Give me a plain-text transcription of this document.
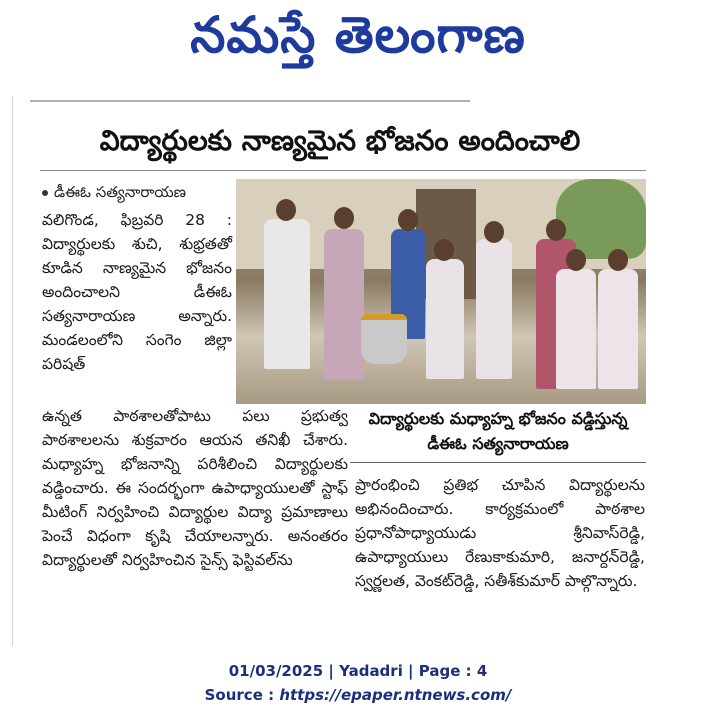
నమస్తే తెలంగాణ
విద్యార్థులకు నాణ్యమైన భోజనం అందించాలి
డీఈఓ సత్యనారాయణ
వలిగొండ, ఫిబ్రవరి 28 : విద్యార్థులకు శుచి, శుభ్రతతో కూడిన నాణ్యమైన భోజనం అందించాలని డీఈఓ సత్యనారాయణ అన్నారు. మండలంలోని సంగెం జిల్లా పరిషత్
ఉన్నత పాఠశాలతోపాటు పలు ప్రభుత్వ పాఠశాలలను శుక్రవారం ఆయన తనిఖీ చేశారు. మధ్యాహ్న భోజనాన్ని పరిశీలించి విద్యార్థులకు వడ్డించారు. ఈ సందర్భంగా ఉపాధ్యాయులతో స్టాఫ్ మీటింగ్ నిర్వహించి విద్యార్థుల విద్యా ప్రమాణాలు పెంచే విధంగా కృషి చేయాలన్నారు. అనంతరం విద్యార్థులతో నిర్వహించిన సైన్స్ ఫెస్టివల్‌ను
విద్యార్థులకు మధ్యాహ్న భోజనం వడ్డిస్తున్న
డీఈఓ సత్యనారాయణ
ప్రారంభించి ప్రతిభ చూపిన విద్యార్థులను అభినందించారు. కార్యక్రమంలో పాఠశాల ప్రధానోపాధ్యాయుడు శ్రీనివాస్‌రెడ్డి, ఉపాధ్యాయులు రేణుకాకుమారి, జనార్దన్‌రెడ్డి, స్వర్ణలత, వెంకట్‌రెడ్డి, సతీశ్‌కుమార్ పాల్గొన్నారు.
01/03/2025 | Yadadri | Page : 4
Source : https://epaper.ntnews.com/
